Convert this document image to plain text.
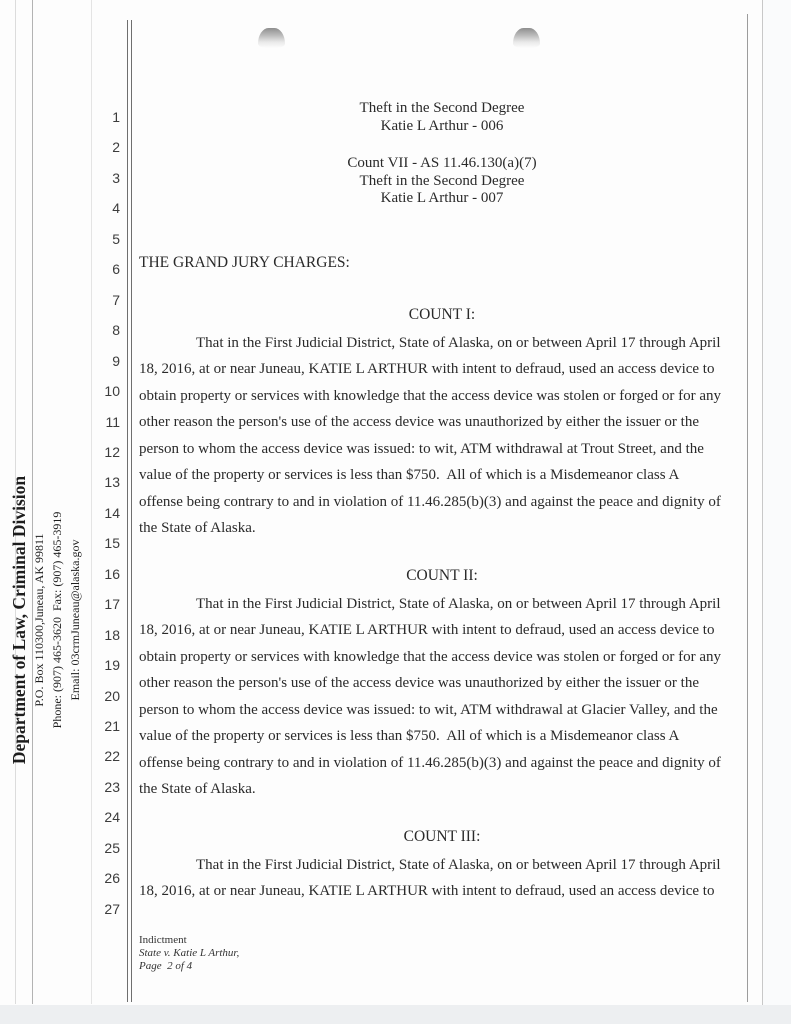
Department of Law, Criminal Division P.O. Box 110300,Juneau, AK 99811 Phone: (907) 465-3620  Fax: (907) 465-3919 Email: 03crmJuneau@alaska.gov
1
2
3
4
5
6
7
8
9
10
11
12
13
14
15
16
17
18
19
20
21
22
23
24
25
26
27
Theft in the Second Degree
Katie L Arthur - 006
Count VII - AS 11.46.130(a)(7)
Theft in the Second Degree
Katie L Arthur - 007
THE GRAND JURY CHARGES:
COUNT I:
That in the First Judicial District, State of Alaska, on or between April 17 through April
18, 2016, at or near Juneau, KATIE L ARTHUR with intent to defraud, used an access device to
obtain property or services with knowledge that the access device was stolen or forged or for any
other reason the person's use of the access device was unauthorized by either the issuer or the
person to whom the access device was issued: to wit, ATM withdrawal at Trout Street, and the
value of the property or services is less than $750.  All of which is a Misdemeanor class A
offense being contrary to and in violation of 11.46.285(b)(3) and against the peace and dignity of
the State of Alaska.
COUNT II:
That in the First Judicial District, State of Alaska, on or between April 17 through April
18, 2016, at or near Juneau, KATIE L ARTHUR with intent to defraud, used an access device to
obtain property or services with knowledge that the access device was stolen or forged or for any
other reason the person's use of the access device was unauthorized by either the issuer or the
person to whom the access device was issued: to wit, ATM withdrawal at Glacier Valley, and the
value of the property or services is less than $750.  All of which is a Misdemeanor class A
offense being contrary to and in violation of 11.46.285(b)(3) and against the peace and dignity of
the State of Alaska.
COUNT III:
That in the First Judicial District, State of Alaska, on or between April 17 through April
18, 2016, at or near Juneau, KATIE L ARTHUR with intent to defraud, used an access device to
Indictment
State v. Katie L Arthur,
Page  2 of 4
